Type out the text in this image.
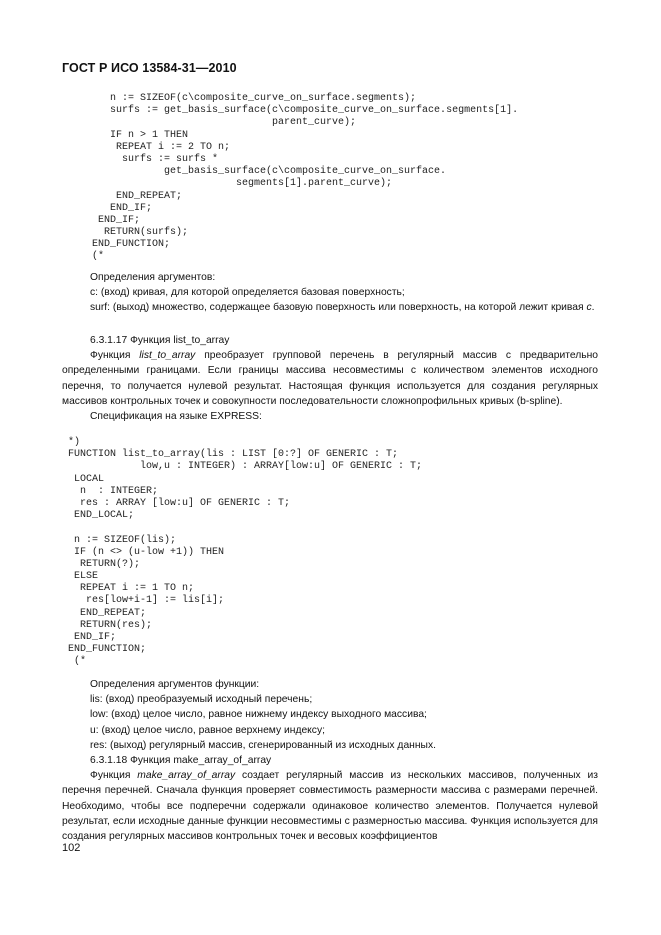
ГОСТ Р ИСО 13584-31—2010
n := SIZEOF(c\composite_curve_on_surface.segments);
surfs := get_basis_surface(c\composite_curve_on_surface.segments[1].
parent_curve);
IF n > 1 THEN
REPEAT i := 2 TO n;
surfs := surfs *
get_basis_surface(c\composite_curve_on_surface.
segments[1].parent_curve);
END_REPEAT;
END_IF;
END_IF;
RETURN(surfs);
END_FUNCTION;
(*

Определения аргументов:

c: (вход) кривая, для которой определяется базовая поверхность;

surf: (выход) множество, содержащее базовую поверхность или поверхность, на которой лежит кривая c.

6.3.1.17 Функция list_to_array

Функция list_to_array преобразует групповой перечень в регулярный массив с предварительно определенными границами. Если границы массива несовместимы с количеством элементов исходного перечня, то получается нулевой результат. Настоящая функция используется для создания регулярных массивов контрольных точек и совокупности последовательности сложнопрофильных кривых (b-spline).

Спецификация на языке EXPRESS:

*)
FUNCTION list_to_array(lis : LIST [0:?] OF GENERIC : T;
low,u : INTEGER) : ARRAY[low:u] OF GENERIC : T;
LOCAL
n  : INTEGER;
res : ARRAY [low:u] OF GENERIC : T;
END_LOCAL;
n := SIZEOF(lis);
IF (n <> (u-low +1)) THEN
RETURN(?);
ELSE
REPEAT i := 1 TO n;
res[low+i-1] := lis[i];
END_REPEAT;
RETURN(res);
END_IF;
END_FUNCTION;
(*

Определения аргументов функции:

lis: (вход) преобразуемый исходный перечень;

low: (вход) целое число, равное нижнему индексу выходного массива;

u: (вход) целое число, равное верхнему индексу;

res: (выход) регулярный массив, сгенерированный из исходных данных.

6.3.1.18 Функция make_array_of_array

Функция make_array_of_array создает регулярный массив из нескольких массивов, полученных из перечня перечней. Сначала функция проверяет совместимость размерности массива с размерами перечней. Необходимо, чтобы все подперечни содержали одинаковое количество элементов. Получается нулевой результат, если исходные данные функции несовместимы с размерностью массива. Функция используется для создания регулярных массивов контрольных точек и весовых коэффициентов

102
